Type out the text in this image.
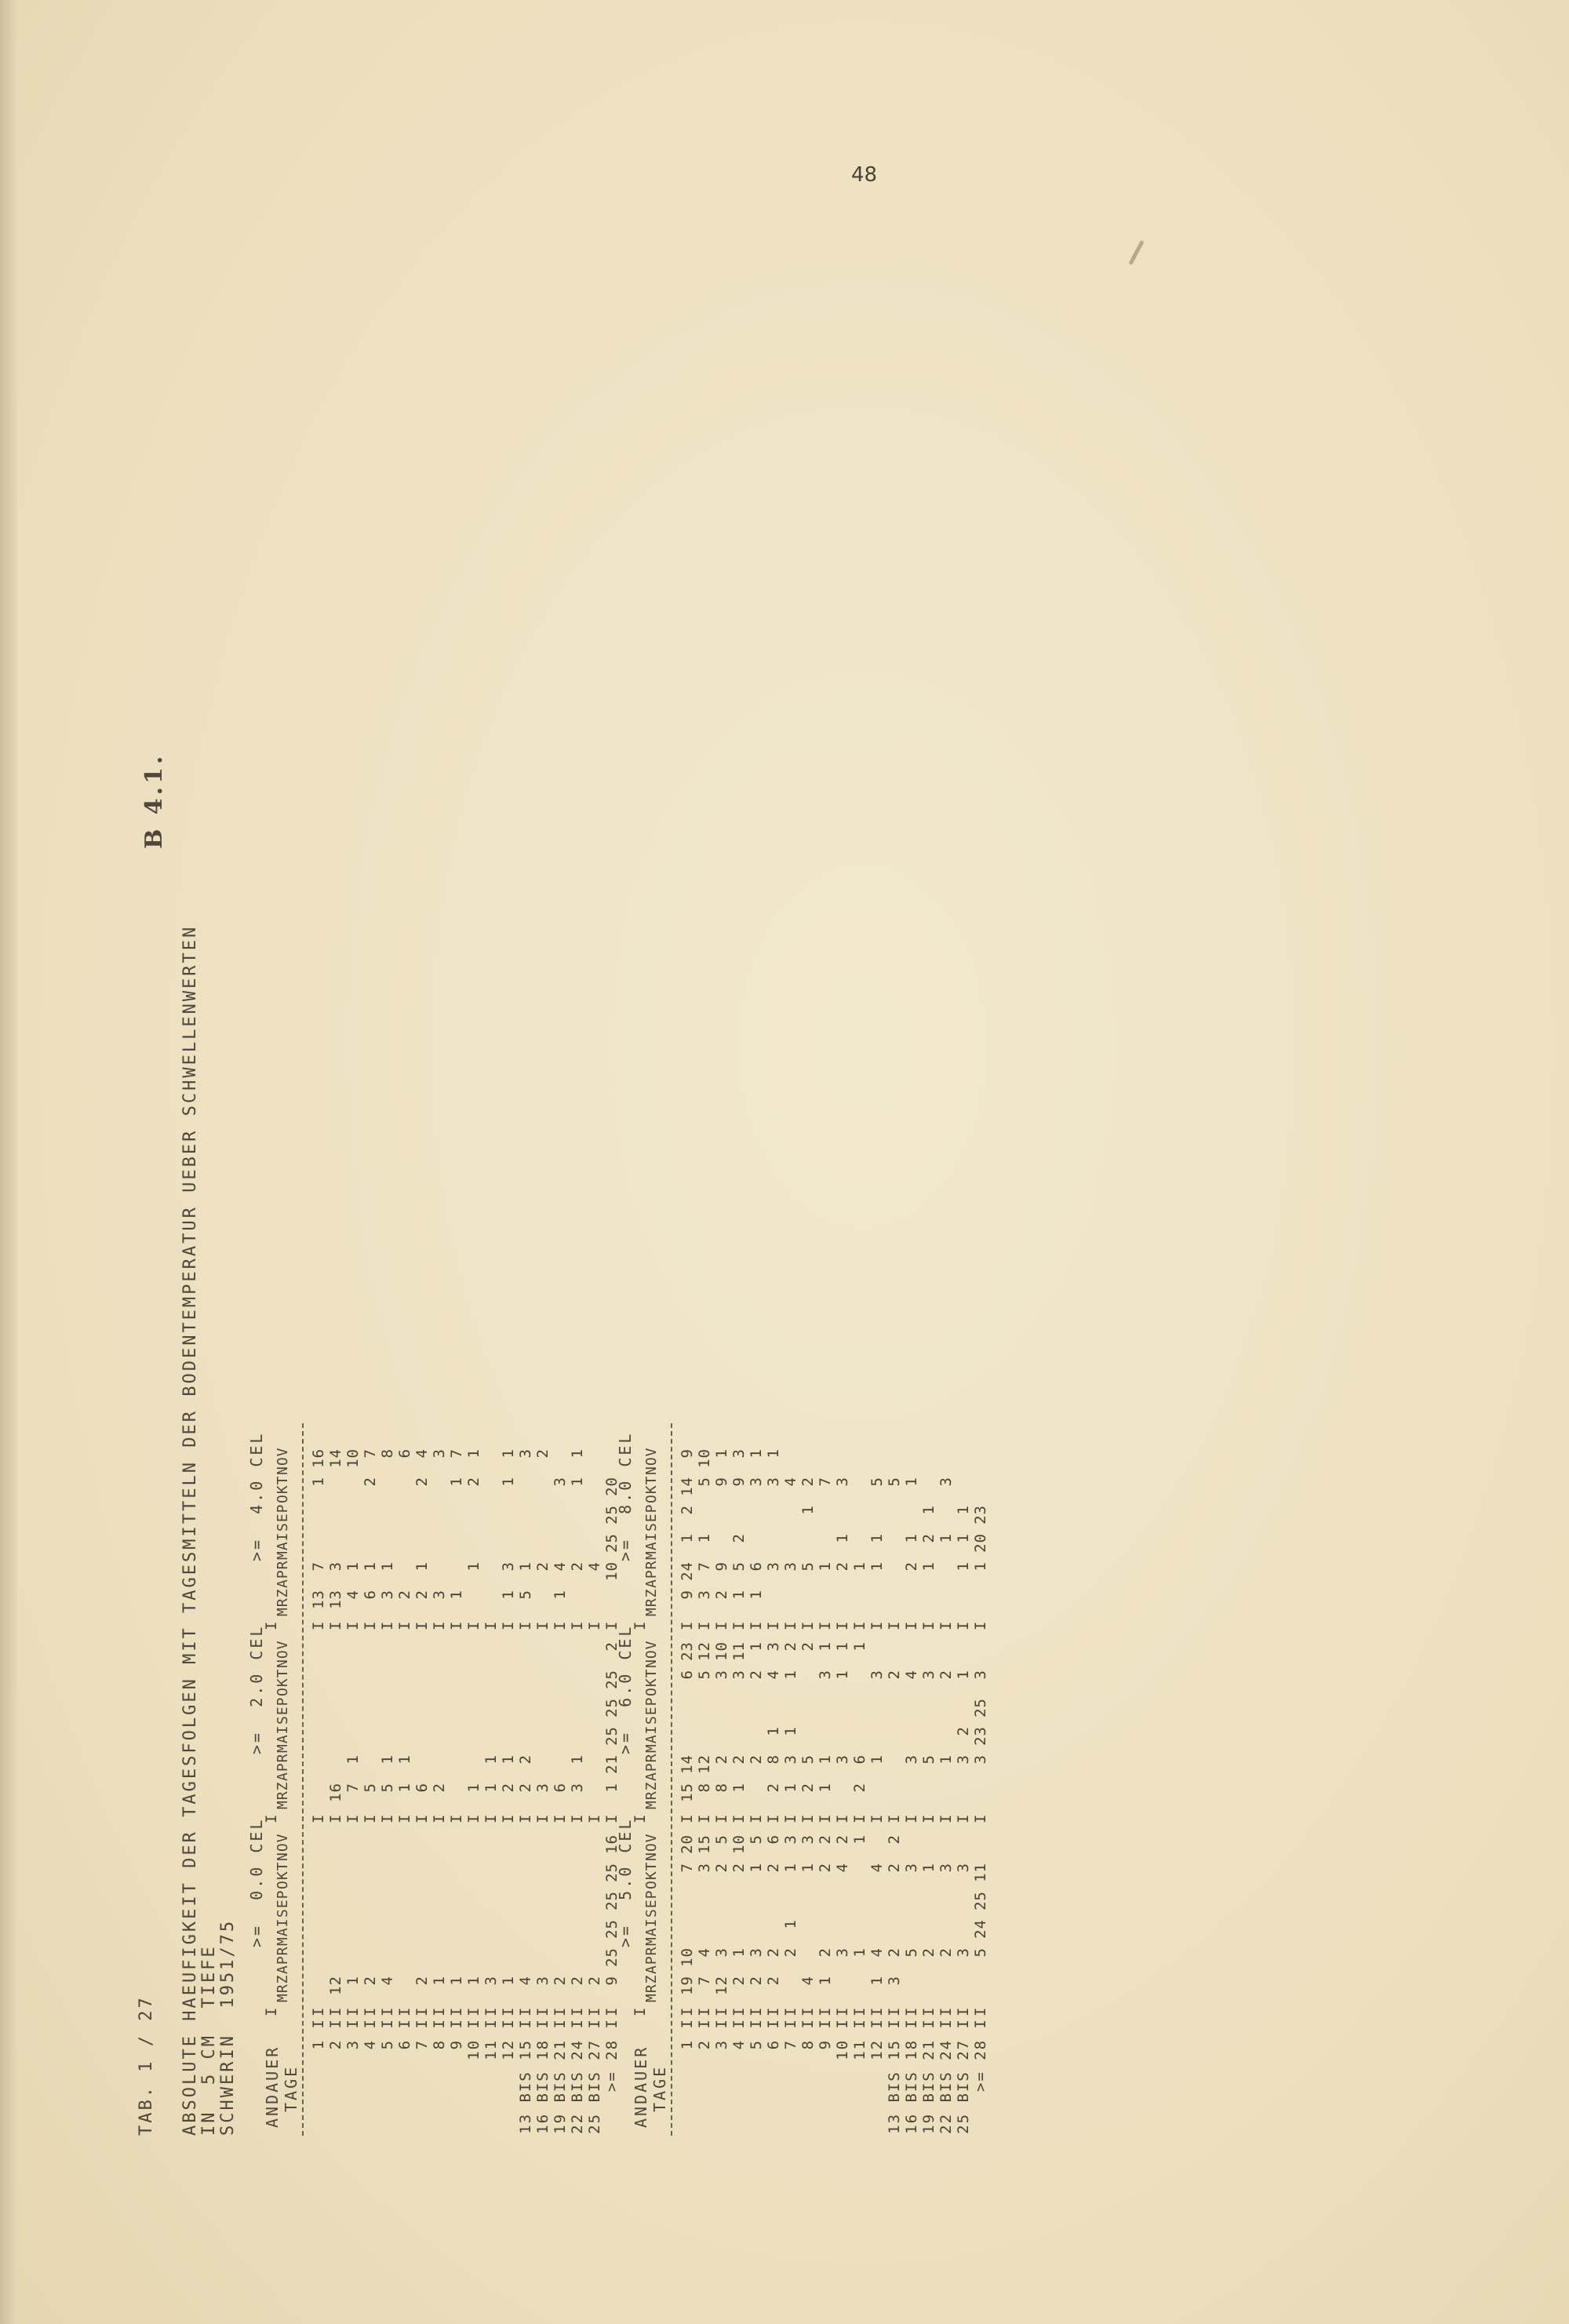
48
B 4.1.
TAB. 1 / 27 ABSOLUTE HAEUFIGKEIT DER TAGESFOLGEN MIT TAGESMITTELN DER BODENTEMPERATUR UEBER SCHWELLENWERTEN IN  5 CM  TIEFE SCHWERIN  1951/75 ANDAUER TAGE
>=  0.0 CEL
MRZ
APR
MAI
SEP
OKT
NOV
I I I
12
I
1
I
2
I
4
I I
2
I
1
I
1
I
1
I
3
I
1
I
4
I
3
I
2
I
2
I
2
I
9
25
25
25
25
16
>=  2.0 CEL
MRZ
APR
MAI
SEP
OKT
NOV
I I I
16
I
7
1
I
5
I
5
1
I
1
1
I
6
I
2
I I
1
I
1
1
I
2
1
I
2
2
I
3
I
6
I
3
1
I I
1
21
25
25
25
2
>=  4.0 CEL
MRZ
APR
MAI
SEP
OKT
NOV
I I
13
7
1
16
I
13
3
14
I
4
1
10
I
6
1
2
7
I
3
1
8
I
2
6
I
2
1
2
4
I
3
3
I
1
1
7
I
1
2
1
I I
1
3
1
1
I
5
1
3
I
2
2
I
1
4
3
I
2
1
1
I
4
I
10
25
25
20
1 I 2 I 3 I 4 I 5 I 6 I 7 I 8 I 9 I 10 I 11 I 12 I 13 BIS 15 I 16 BIS 18 I 19 BIS 21 I 22 BIS 24 I 25 BIS 27 I >= 28 I ANDAUER TAGE
>=  5.0 CEL
MRZ
APR
MAI
SEP
OKT
NOV
I I
19
10
7
20
I
7
4
3
15
I
12
3
2
5
I
2
1
2
10
I
2
3
1
5
I
2
2
2
6
I
2
1
1
3
I
4
1
3
I
1
2
2
2
I
3
4
2
I
1
1
I
1
4
4
I
3
2
2
2
I
5
3
I
2
1
I
2
3
I
3
3
I
5
24
25
11
>=  6.0 CEL
MRZ
APR
MAI
SEP
OKT
NOV
I I
15
14
6
23
I
8
12
5
12
I
8
2
3
10
I
1
2
3
11
I
2
2
1
I
2
8
1
4
3
I
1
3
1
1
2
I
2
5
2
I
1
1
3
1
I
3
1
1
I
2
6
1
I
1
3
I
2
I
3
4
I
5
3
I
1
2
I
3
2
1
I
3
23
25
3
>=  8.0 CEL
MRZ
APR
MAI
SEP
OKT
NOV
I I
9
24
1
2
14
9
I
3
7
1
5
10
I
2
9
9
1
I
1
5
2
9
3
I
1
6
3
1
I
3
3
1
I
3
4
I
5
1
2
I
1
7
I
2
1
3
I
1
I
1
1
5
I
5
I
2
1
1
I
1
2
1
I
1
3
I
1
1
1
I
1
20
23
1 I 2 I 3 I 4 I 5 I 6 I 7 I 8 I 9 I 10 I 11 I 12 I 13 BIS 15 I 16 BIS 18 I 19 BIS 21 I 22 BIS 24 I 25 BIS 27 I >= 28 I
